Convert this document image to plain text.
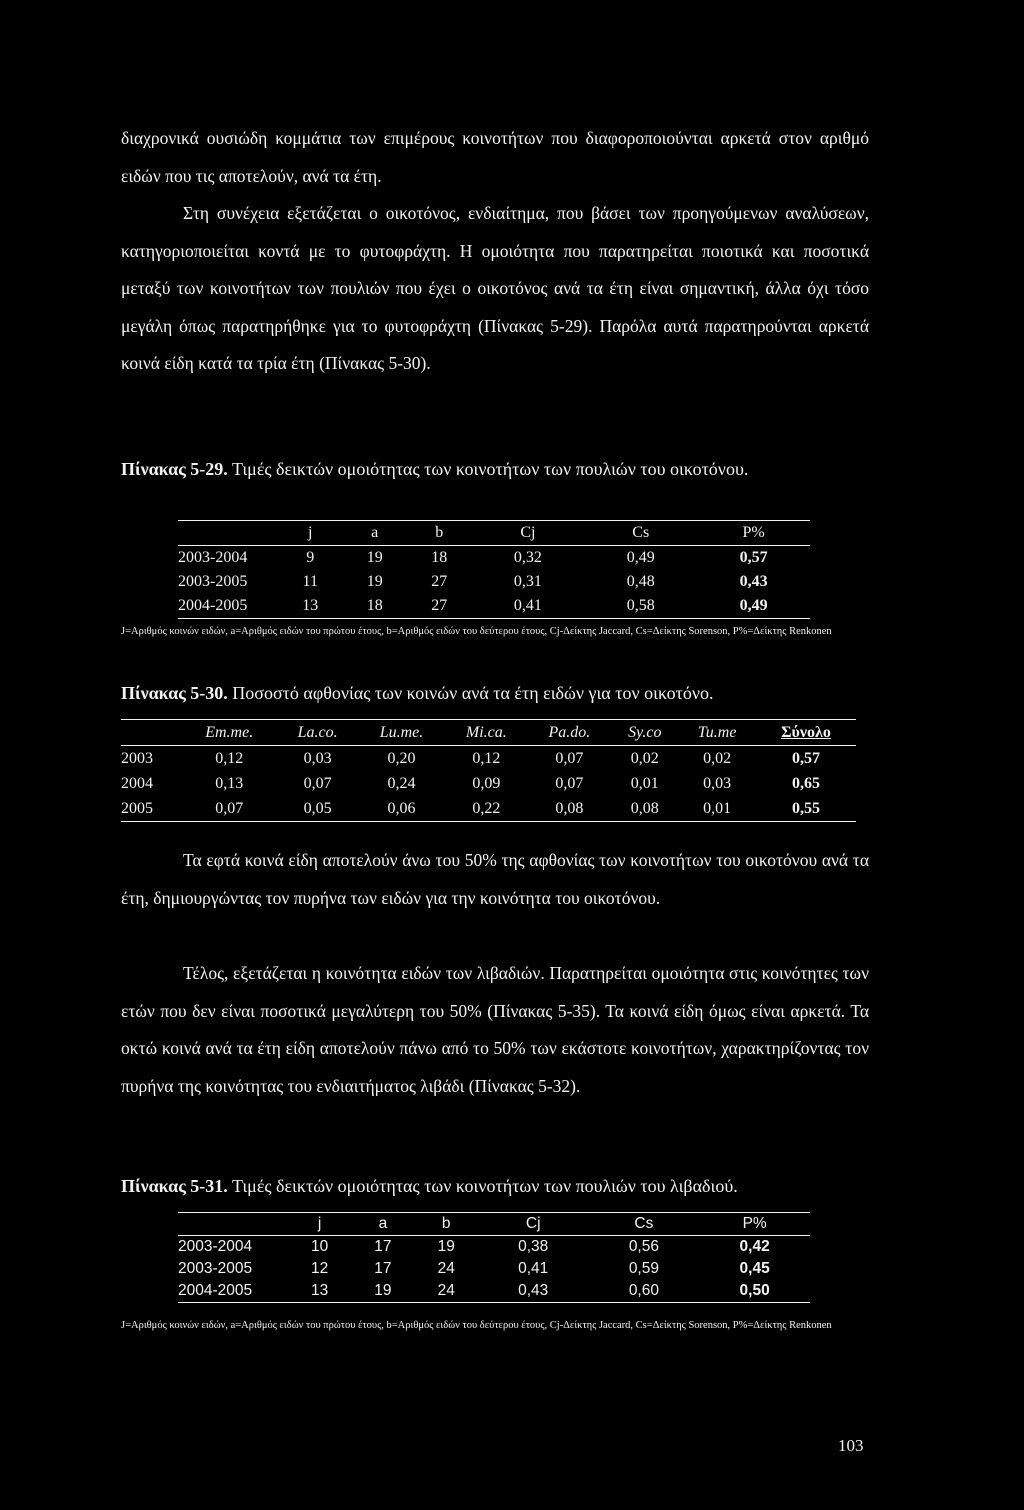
διαχρονικά ουσιώδη κομμάτια των επιμέρους κοινοτήτων που διαφοροποιούνται αρκετά στον αριθμό ειδών που τις αποτελούν, ανά τα έτη.

Στη συνέχεια εξετάζεται ο οικοτόνος, ενδιαίτημα, που βάσει των προηγούμενων αναλύσεων, κατηγοριοποιείται κοντά με το φυτοφράχτη. Η ομοιότητα που παρατηρείται ποιοτικά και ποσοτικά μεταξύ των κοινοτήτων των πουλιών που έχει ο οικοτόνος ανά τα έτη είναι σημαντική, άλλα όχι τόσο μεγάλη όπως παρατηρήθηκε για το φυτοφράχτη (Πίνακας 5-29). Παρόλα αυτά παρατηρούνται αρκετά κοινά είδη κατά τα τρία έτη (Πίνακας 5-30).

Πίνακας 5-29. Τιμές δεικτών ομοιότητας των κοινοτήτων των πουλιών του οικοτόνου.

	j	a	b	Cj	Cs	P%
2003-2004	9	19	18	0,32	0,49	0,57
2003-2005	11	19	27	0,31	0,48	0,43
2004-2005	13	18	27	0,41	0,58	0,49

J=Αριθμός κοινών ειδών, a=Αριθμός ειδών του πρώτου έτους, b=Αριθμός ειδών του δεύτερου έτους, Cj-Δείκτης Jaccard, Cs=Δείκτης Sorenson, P%=Δείκτης Renkonen

Πίνακας 5-30. Ποσοστό αφθονίας των κοινών ανά τα έτη ειδών για τον οικοτόνο.

	Em.me.	La.co.	Lu.me.	Mi.ca.	Pa.do.	Sy.co	Tu.me	Σύνολο
2003	0,12	0,03	0,20	0,12	0,07	0,02	0,02	0,57
2004	0,13	0,07	0,24	0,09	0,07	0,01	0,03	0,65
2005	0,07	0,05	0,06	0,22	0,08	0,08	0,01	0,55

Τα εφτά κοινά είδη αποτελούν άνω του 50% της αφθονίας των κοινοτήτων του οικοτόνου ανά τα έτη, δημιουργώντας τον πυρήνα των ειδών για την κοινότητα του οικοτόνου.

Τέλος, εξετάζεται η κοινότητα ειδών των λιβαδιών. Παρατηρείται ομοιότητα στις κοινότητες των ετών που δεν είναι ποσοτικά μεγαλύτερη του 50% (Πίνακας 5-35). Τα κοινά είδη όμως είναι αρκετά. Τα οκτώ κοινά ανά τα έτη είδη αποτελούν πάνω από το 50% των εκάστοτε κοινοτήτων, χαρακτηρίζοντας τον πυρήνα της κοινότητας του ενδιαιτήματος λιβάδι (Πίνακας 5-32).

Πίνακας 5-31. Τιμές δεικτών ομοιότητας των κοινοτήτων των πουλιών του λιβαδιού.

	j	a	b	Cj	Cs	P%
2003-2004	10	17	19	0,38	0,56	0,42
2003-2005	12	17	24	0,41	0,59	0,45
2004-2005	13	19	24	0,43	0,60	0,50

J=Αριθμός κοινών ειδών, a=Αριθμός ειδών του πρώτου έτους, b=Αριθμός ειδών του δεύτερου έτους, Cj-Δείκτης Jaccard, Cs=Δείκτης Sorenson, P%=Δείκτης Renkonen

103
